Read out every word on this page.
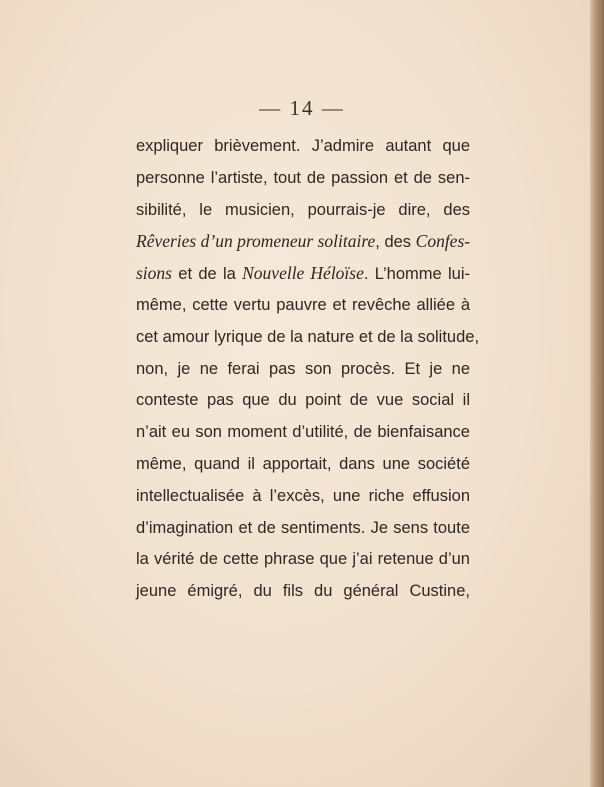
— 14 —
expliquer brièvement. J’admire autant que
personne l’artiste, tout de passion et de sen-
sibilité, le musicien, pourrais-je dire, des
Rêveries d’un promeneur solitaire, des Confes-
sions et de la Nouvelle Héloïse. L’homme lui-
même, cette vertu pauvre et revêche alliée à
cet amour lyrique de la nature et de la solitude,
non, je ne ferai pas son procès. Et je ne
conteste pas que du point de vue social il
n’ait eu son moment d’utilité, de bienfaisance
même, quand il apportait, dans une société
intellectualisée à l’excès, une riche effusion
d’imagination et de sentiments. Je sens toute
la vérité de cette phrase que j’ai retenue d’un
jeune émigré, du fils du général Custine,
